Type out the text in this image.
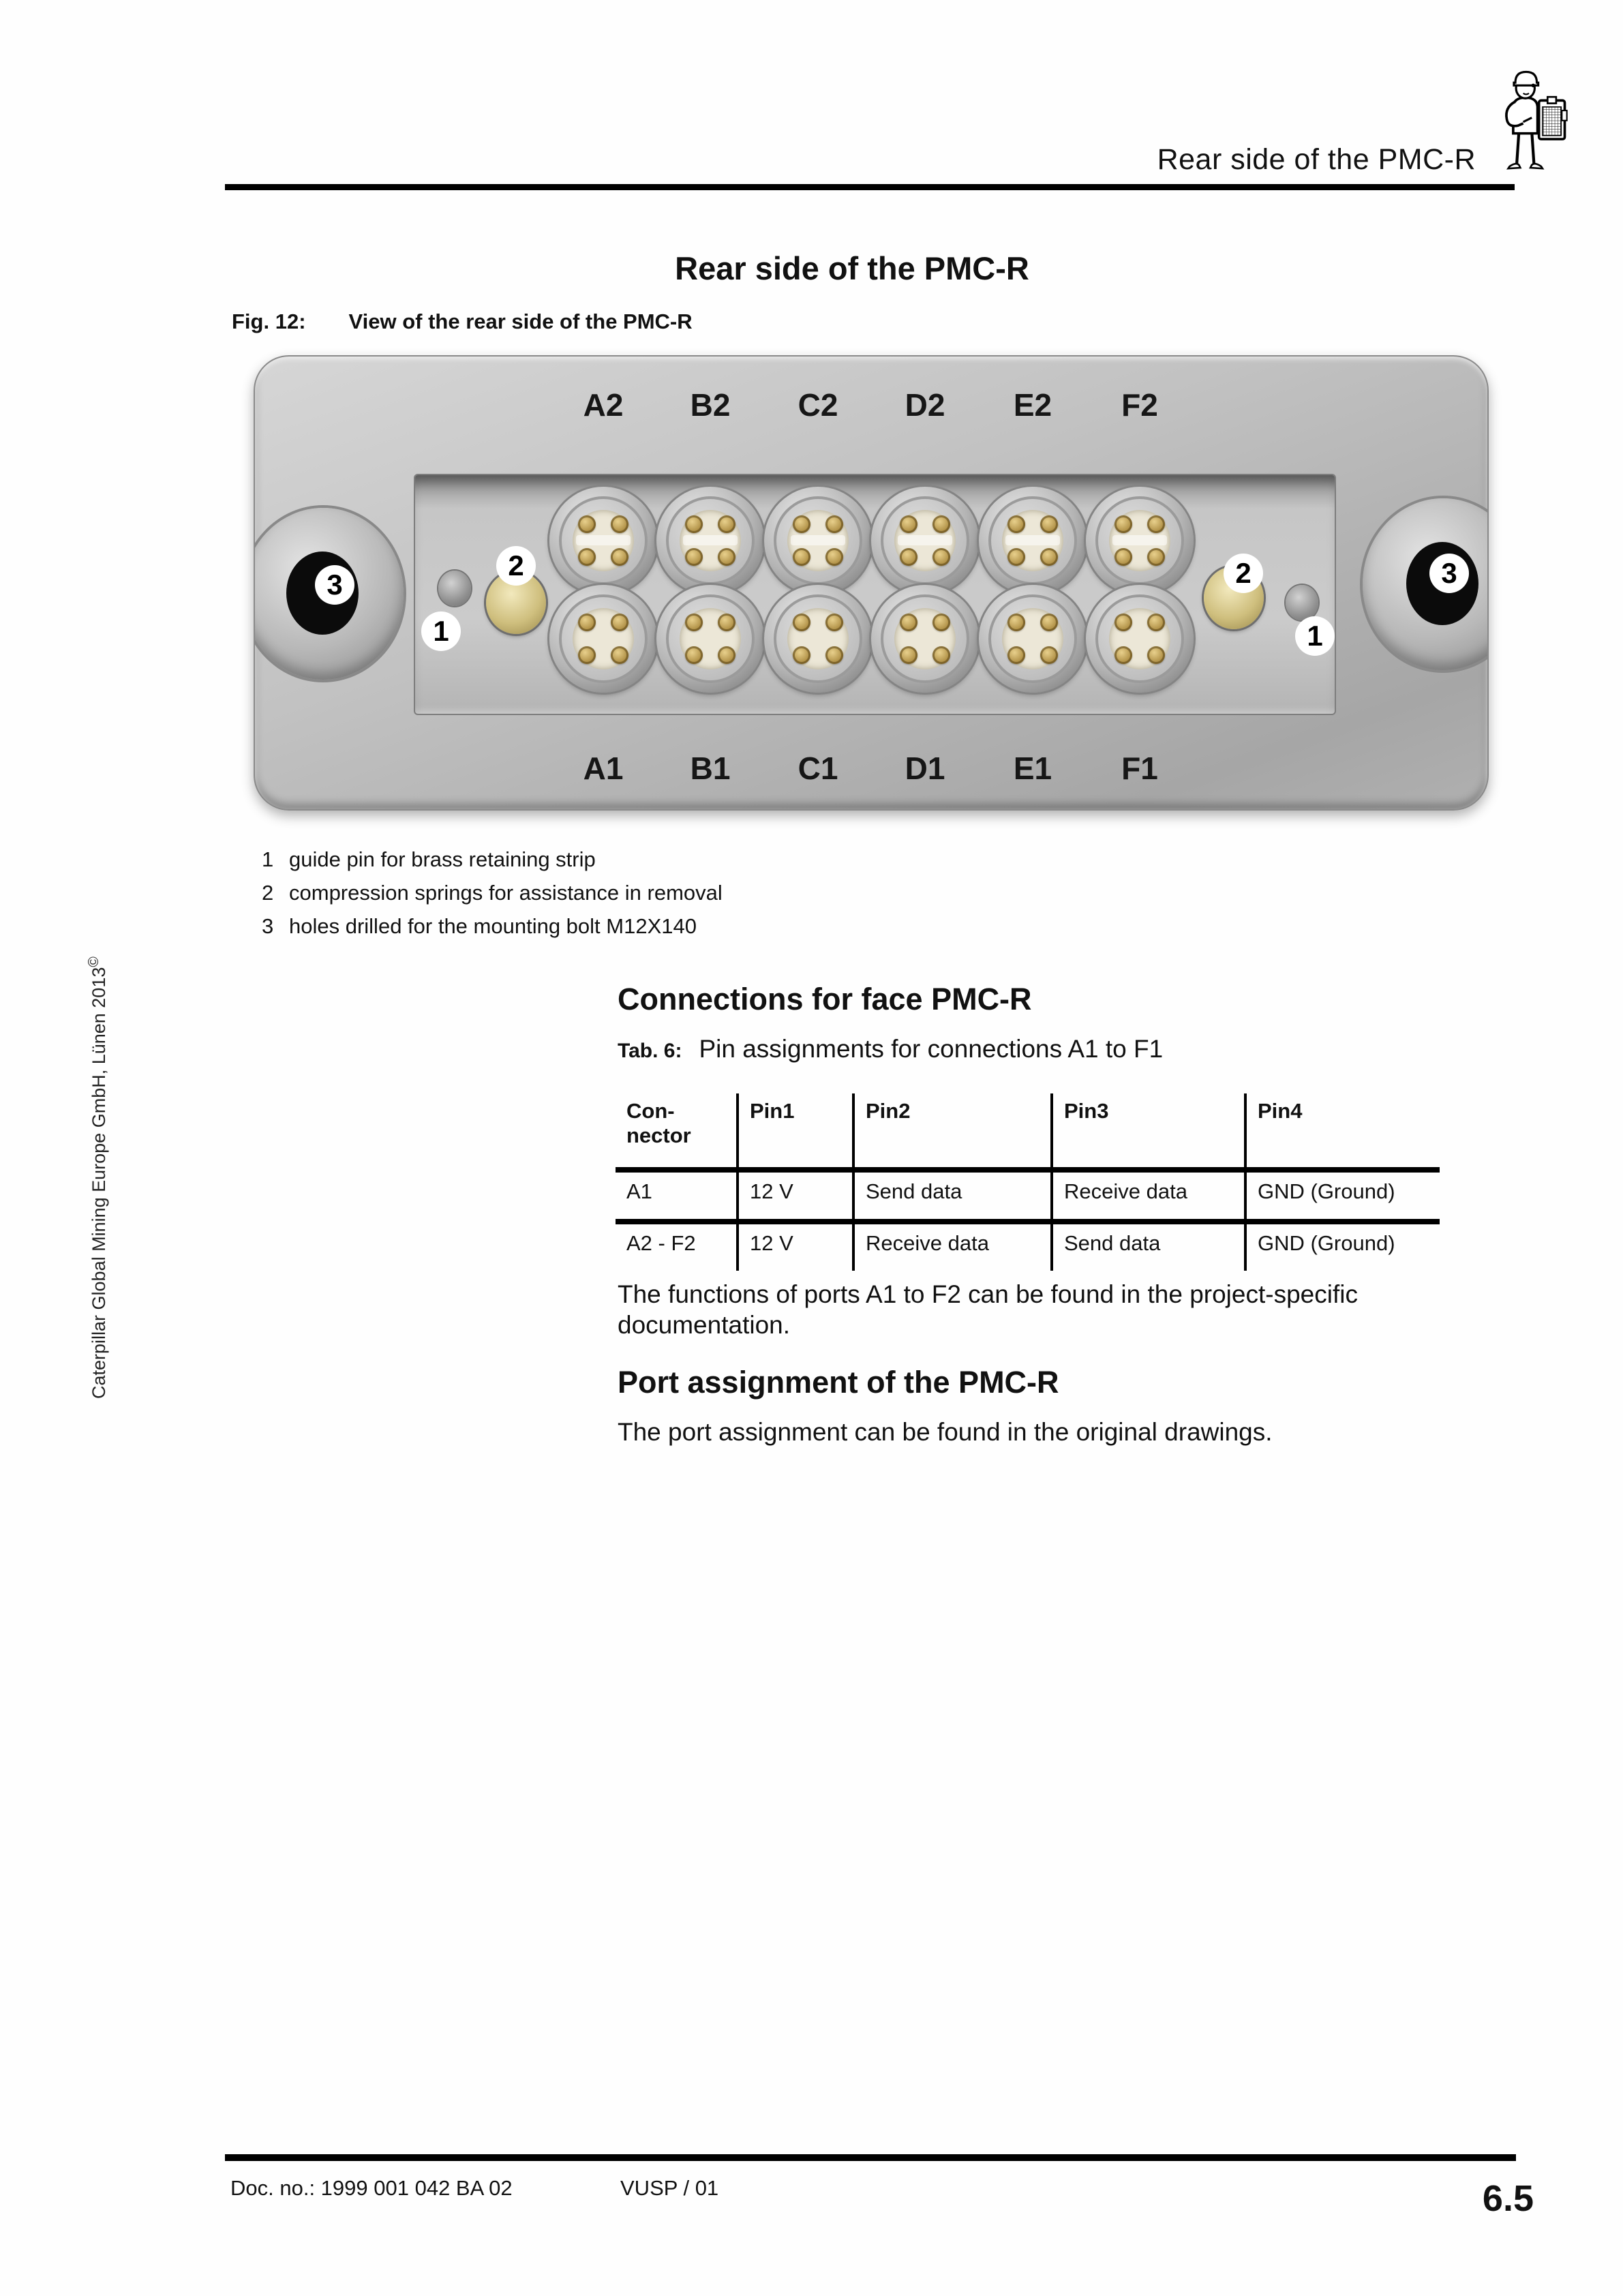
Rear side of the PMC-R
Rear side of the PMC-R
Fig. 12: View of the rear side of the PMC-R
3	3
2	2
1	1
A2	B2	C2	D2	E2	F2
A1	B1	C1	D1	E1	F1
1 guide pin for brass retaining strip
2 compression springs for assistance in removal
3 holes drilled for the mounting bolt M12X140
Connections for face PMC-R
Tab. 6: Pin assignments for connections A1 to F1
Con-nector	Pin1	Pin2	Pin3	Pin4
A1	12 V	Send data	Receive data	GND (Ground)
A2 - F2	12 V	Receive data	Send data	GND (Ground)
The functions of ports A1 to F2 can be found in the project-specific documentation.
Port assignment of the PMC-R
The port assignment can be found in the original drawings.
Caterpillar Global Mining Europe GmbH, Lünen 2013©
Doc. no.: 1999 001 042 BA 02	VUSP / 01	6.5
